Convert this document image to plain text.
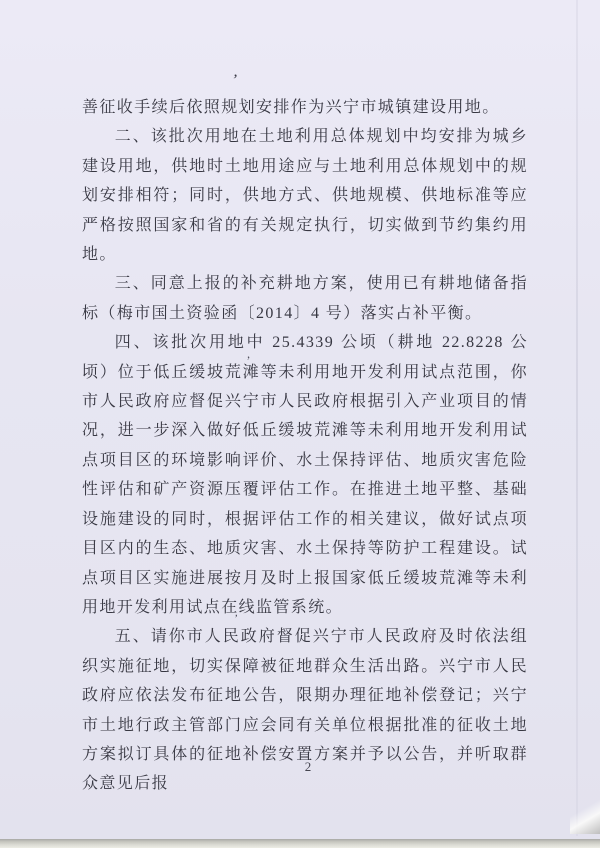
’
，
’

善征收手续后依照规划安排作为兴宁市城镇建设用地。

二、该批次用地在土地利用总体规划中均安排为城乡建设用地，供地时土地用途应与土地利用总体规划中的规划安排相符；同时，供地方式、供地规模、供地标准等应严格按照国家和省的有关规定执行，切实做到节约集约用地。

三、同意上报的补充耕地方案，使用已有耕地储备指标（梅市国土资验函〔2014〕4 号）落实占补平衡。

四、该批次用地中 25.4339 公顷（耕地 22.8228 公顷）位于低丘缓坡荒滩等未利用地开发利用试点范围，你市人民政府应督促兴宁市人民政府根据引入产业项目的情况，进一步深入做好低丘缓坡荒滩等未利用地开发利用试点项目区的环境影响评价、水土保持评估、地质灾害危险性评估和矿产资源压覆评估工作。在推进土地平整、基础设施建设的同时，根据评估工作的相关建议，做好试点项目区内的生态、地质灾害、水土保持等防护工程建设。试点项目区实施进展按月及时上报国家低丘缓坡荒滩等未利用地开发利用试点在线监管系统。

五、请你市人民政府督促兴宁市人民政府及时依法组织实施征地，切实保障被征地群众生活出路。兴宁市人民政府应依法发布征地公告，限期办理征地补偿登记；兴宁市土地行政主管部门应会同有关单位根据批准的征收土地方案拟订具体的征地补偿安置方案并予以公告，并听取群众意见后报

2
